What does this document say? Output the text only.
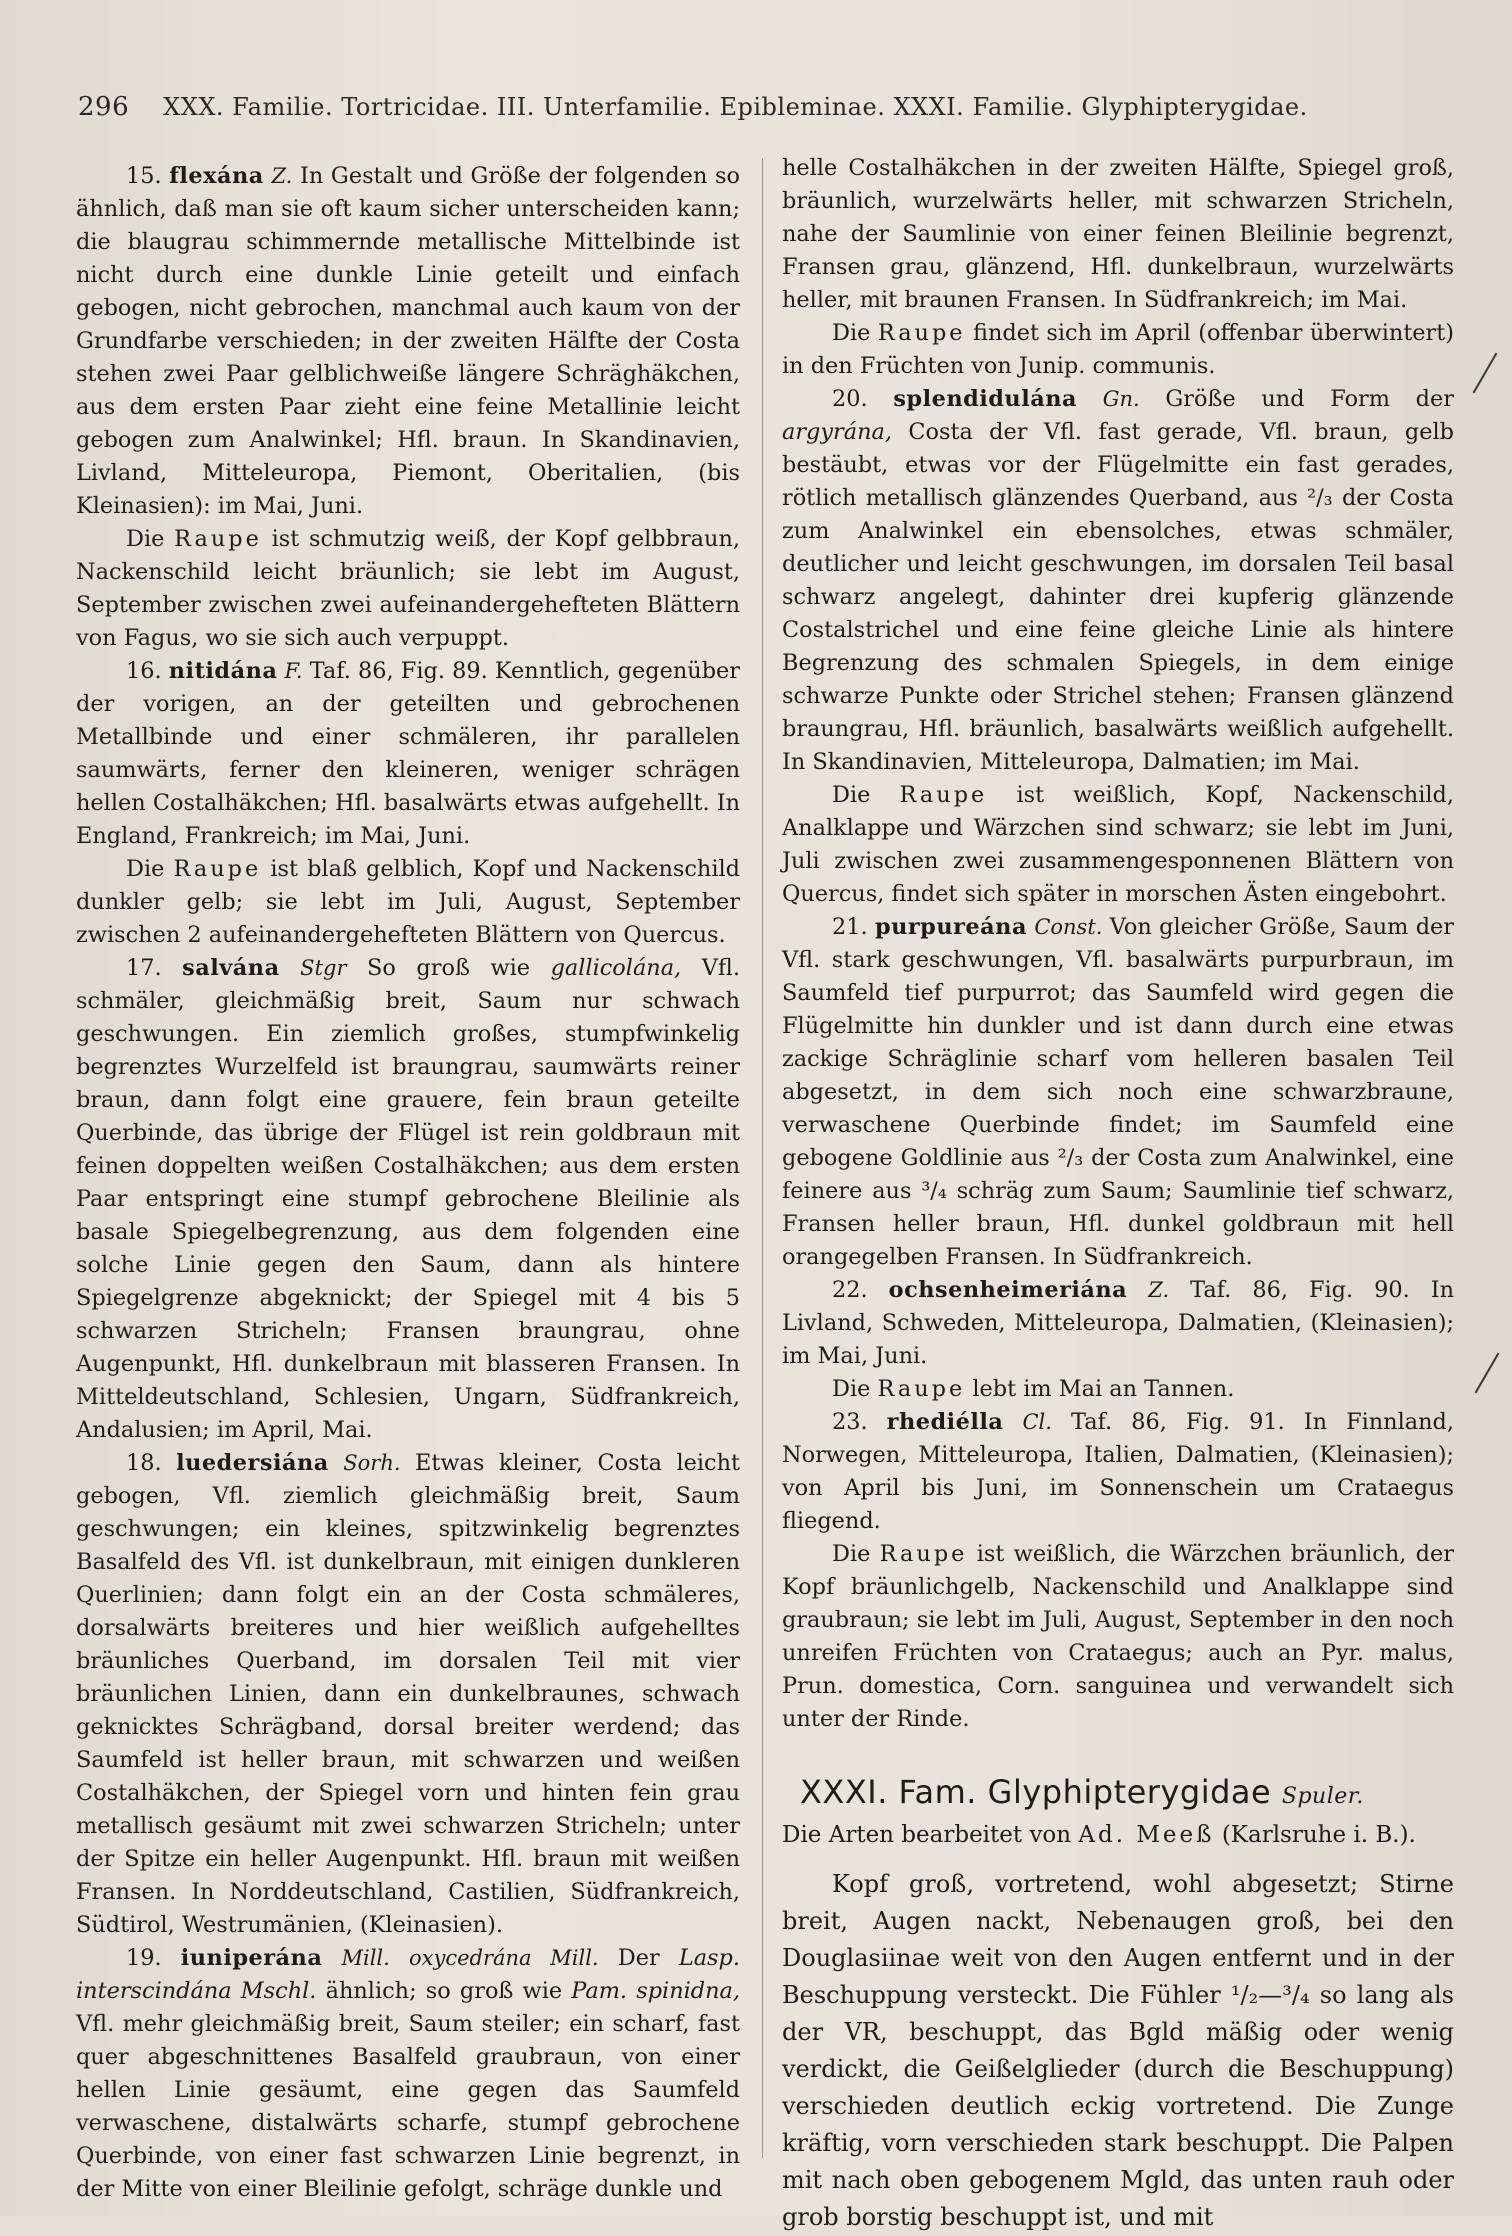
296 XXX. Familie. Tortricidae. III. Unterfamilie. Epibleminae. XXXI. Familie. Glyphipterygidae.

15. flexána Z. In Gestalt und Größe der folgenden so ähnlich, daß man sie oft kaum sicher unterscheiden kann; die blaugrau schimmernde metallische Mittelbinde ist nicht durch eine dunkle Linie geteilt und einfach gebogen, nicht gebrochen, manchmal auch kaum von der Grundfarbe verschieden; in der zweiten Hälfte der Costa stehen zwei Paar gelblichweiße längere Schräghäkchen, aus dem ersten Paar zieht eine feine Metallinie leicht gebogen zum Analwinkel; Hfl. braun. In Skandinavien, Livland, Mitteleuropa, Piemont, Oberitalien, (bis Kleinasien): im Mai, Juni.

Die Raupe ist schmutzig weiß, der Kopf gelbbraun, Nackenschild leicht bräunlich; sie lebt im August, September zwischen zwei aufeinandergehefteten Blättern von Fagus, wo sie sich auch verpuppt.

16. nitidána F. Taf. 86, Fig. 89. Kenntlich, gegenüber der vorigen, an der geteilten und gebrochenen Metallbinde und einer schmäleren, ihr parallelen saumwärts, ferner den kleineren, weniger schrägen hellen Costalhäkchen; Hfl. basalwärts etwas aufgehellt. In England, Frankreich; im Mai, Juni.

Die Raupe ist blaß gelblich, Kopf und Nackenschild dunkler gelb; sie lebt im Juli, August, September zwischen 2 aufeinandergehefteten Blättern von Quercus.

17. salvána Stgr So groß wie gallicolána, Vfl. schmäler, gleichmäßig breit, Saum nur schwach geschwungen. Ein ziemlich großes, stumpfwinkelig begrenztes Wurzelfeld ist braungrau, saumwärts reiner braun, dann folgt eine grauere, fein braun geteilte Querbinde, das übrige der Flügel ist rein goldbraun mit feinen doppelten weißen Costalhäkchen; aus dem ersten Paar entspringt eine stumpf gebrochene Bleilinie als basale Spiegelbegrenzung, aus dem folgenden eine solche Linie gegen den Saum, dann als hintere Spiegelgrenze abgeknickt; der Spiegel mit 4 bis 5 schwarzen Stricheln; Fransen braungrau, ohne Augenpunkt, Hfl. dunkelbraun mit blasseren Fransen. In Mitteldeutschland, Schlesien, Ungarn, Südfrankreich, Andalusien; im April, Mai.

18. luedersiána Sorh. Etwas kleiner, Costa leicht gebogen, Vfl. ziemlich gleichmäßig breit, Saum geschwungen; ein kleines, spitzwinkelig begrenztes Basalfeld des Vfl. ist dunkelbraun, mit einigen dunkleren Querlinien; dann folgt ein an der Costa schmäleres, dorsalwärts breiteres und hier weißlich aufgehelltes bräunliches Querband, im dorsalen Teil mit vier bräunlichen Linien, dann ein dunkelbraunes, schwach geknicktes Schrägband, dorsal breiter werdend; das Saumfeld ist heller braun, mit schwarzen und weißen Costalhäkchen, der Spiegel vorn und hinten fein grau metallisch gesäumt mit zwei schwarzen Stricheln; unter der Spitze ein heller Augenpunkt. Hfl. braun mit weißen Fransen. In Norddeutschland, Castilien, Südfrankreich, Südtirol, Westrumänien, (Kleinasien).

19. iuniperána Mill. oxycedrána Mill. Der Lasp. interscindána Mschl. ähnlich; so groß wie Pam. spinidna, Vfl. mehr gleichmäßig breit, Saum steiler; ein scharf, fast quer abgeschnittenes Basalfeld graubraun, von einer hellen Linie gesäumt, eine gegen das Saumfeld verwaschene, distalwärts scharfe, stumpf gebrochene Querbinde, von einer fast schwarzen Linie begrenzt, in der Mitte von einer Bleilinie gefolgt, schräge dunkle und

helle Costalhäkchen in der zweiten Hälfte, Spiegel groß, bräunlich, wurzelwärts heller, mit schwarzen Stricheln, nahe der Saumlinie von einer feinen Bleilinie begrenzt, Fransen grau, glänzend, Hfl. dunkelbraun, wurzelwärts heller, mit braunen Fransen. In Südfrankreich; im Mai.

Die Raupe findet sich im April (offenbar überwintert) in den Früchten von Junip. communis.

20. splendidulána Gn. Größe und Form der argyrána, Costa der Vfl. fast gerade, Vfl. braun, gelb bestäubt, etwas vor der Flügelmitte ein fast gerades, rötlich metallisch glänzendes Querband, aus ²/₃ der Costa zum Analwinkel ein ebensolches, etwas schmäler, deutlicher und leicht geschwungen, im dorsalen Teil basal schwarz angelegt, dahinter drei kupferig glänzende Costalstrichel und eine feine gleiche Linie als hintere Begrenzung des schmalen Spiegels, in dem einige schwarze Punkte oder Strichel stehen; Fransen glänzend braungrau, Hfl. bräunlich, basalwärts weißlich aufgehellt. In Skandinavien, Mitteleuropa, Dalmatien; im Mai.

Die Raupe ist weißlich, Kopf, Nackenschild, Analklappe und Wärzchen sind schwarz; sie lebt im Juni, Juli zwischen zwei zusammengesponnenen Blättern von Quercus, findet sich später in morschen Ästen eingebohrt.

21. purpureána Const. Von gleicher Größe, Saum der Vfl. stark geschwungen, Vfl. basalwärts purpurbraun, im Saumfeld tief purpurrot; das Saumfeld wird gegen die Flügelmitte hin dunkler und ist dann durch eine etwas zackige Schräglinie scharf vom helleren basalen Teil abgesetzt, in dem sich noch eine schwarzbraune, verwaschene Querbinde findet; im Saumfeld eine gebogene Goldlinie aus ²/₃ der Costa zum Analwinkel, eine feinere aus ³/₄ schräg zum Saum; Saumlinie tief schwarz, Fransen heller braun, Hfl. dunkel goldbraun mit hell orangegelben Fransen. In Südfrankreich.

22. ochsenheimeriána Z. Taf. 86, Fig. 90. In Livland, Schweden, Mitteleuropa, Dalmatien, (Kleinasien); im Mai, Juni.

Die Raupe lebt im Mai an Tannen.

23. rhediélla Cl. Taf. 86, Fig. 91. In Finnland, Norwegen, Mitteleuropa, Italien, Dalmatien, (Kleinasien); von April bis Juni, im Sonnenschein um Crataegus fliegend.

Die Raupe ist weißlich, die Wärzchen bräunlich, der Kopf bräunlichgelb, Nackenschild und Analklappe sind graubraun; sie lebt im Juli, August, September in den noch unreifen Früchten von Crataegus; auch an Pyr. malus, Prun. domestica, Corn. sanguinea und verwandelt sich unter der Rinde.

XXXI. Fam. Glyphipterygidae Spuler.

Die Arten bearbeitet von Ad. Meeß (Karlsruhe i. B.).

Kopf groß, vortretend, wohl abgesetzt; Stirne breit, Augen nackt, Nebenaugen groß, bei den Douglasiinae weit von den Augen entfernt und in der Beschuppung versteckt. Die Fühler ¹/₂—³/₄ so lang als der VR, beschuppt, das Bgld mäßig oder wenig verdickt, die Geißelglieder (durch die Beschuppung) verschieden deutlich eckig vortretend. Die Zunge kräftig, vorn verschieden stark beschuppt. Die Palpen mit nach oben gebogenem Mgld, das unten rauh oder grob borstig beschuppt ist, und mit
